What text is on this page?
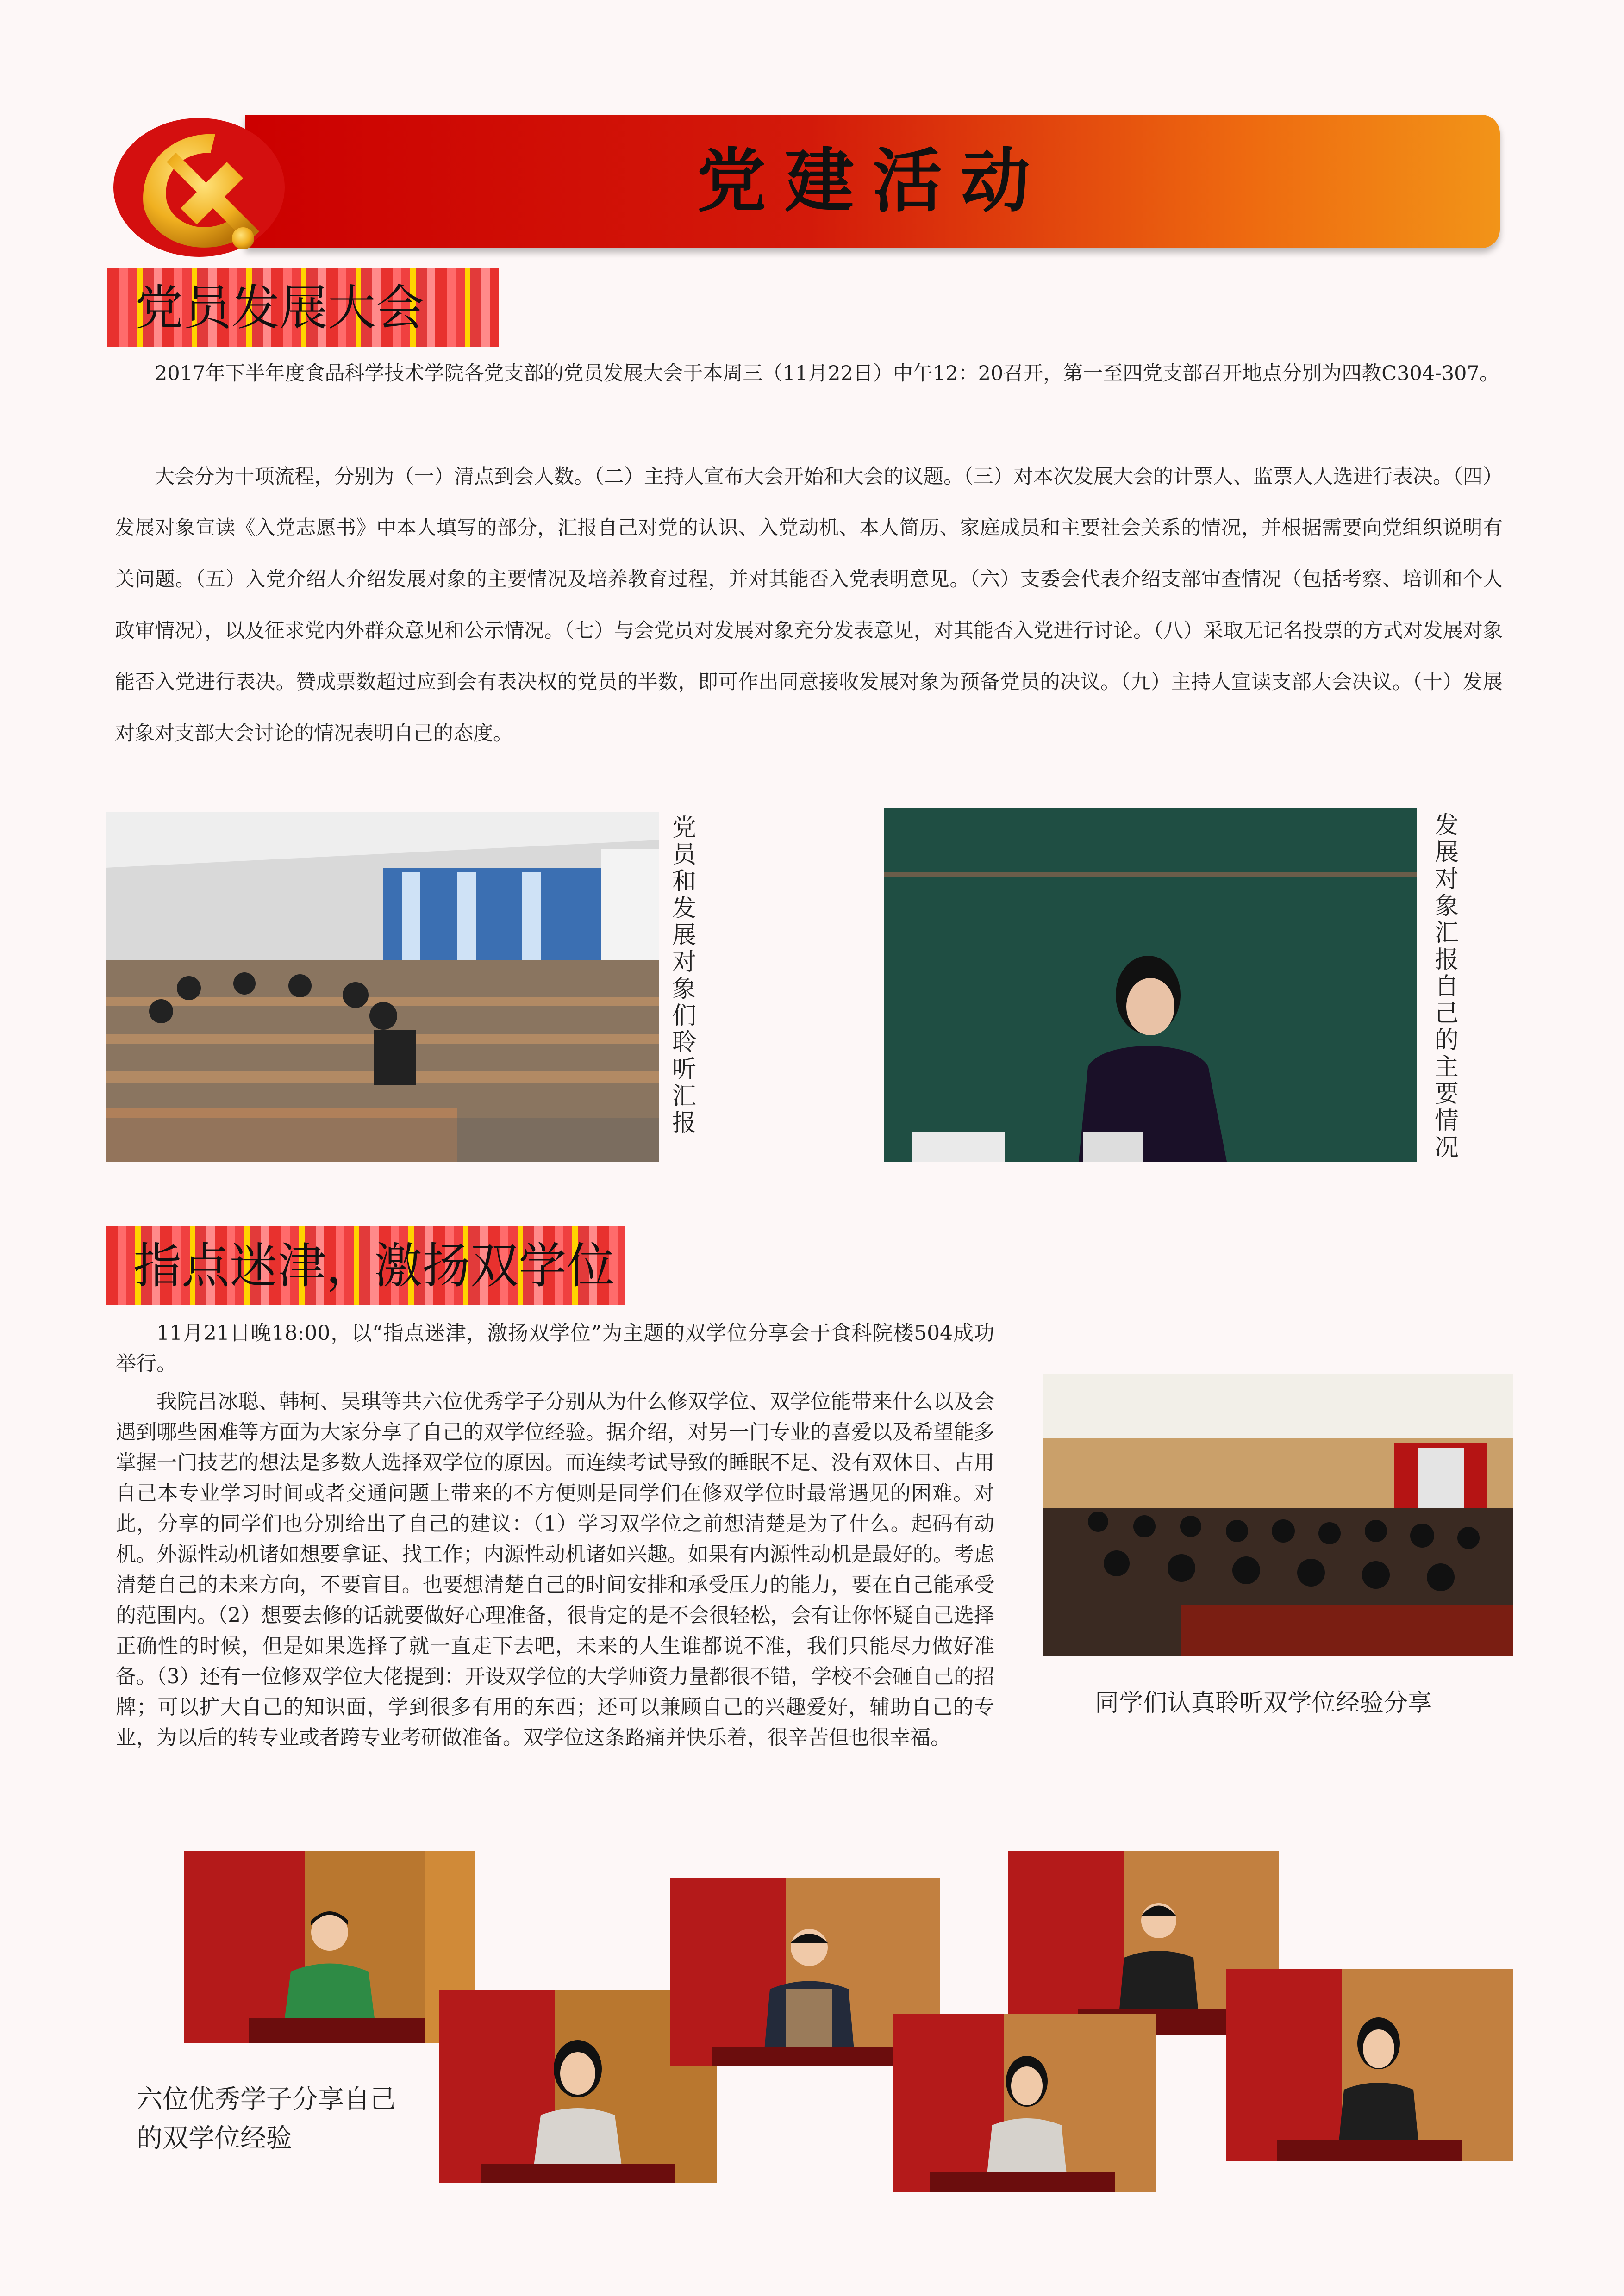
党建活动
党员发展大会

2017年下半年度食品科学技术学院各党支部的党员发展大会于本周三（11月22日）中午12：20召开，第一至四党支部召开地点分别为四教C304-307。

大会分为十项流程，分别为（一）清点到会人数。（二）主持人宣布大会开始和大会的议题。（三）对本次发展大会的计票人、监票人人选进行表决。（四）发展对象宣读《入党志愿书》中本人填写的部分，汇报自己对党的认识、入党动机、本人简历、家庭成员和主要社会关系的情况，并根据需要向党组织说明有关问题。（五）入党介绍人介绍发展对象的主要情况及培养教育过程，并对其能否入党表明意见。（六）支委会代表介绍支部审查情况（包括考察、培训和个人政审情况），以及征求党内外群众意见和公示情况。（七）与会党员对发展对象充分发表意见，对其能否入党进行讨论。（八）采取无记名投票的方式对发展对象能否入党进行表决。赞成票数超过应到会有表决权的党员的半数，即可作出同意接收发展对象为预备党员的决议。（九）主持人宣读支部大会决议。（十）发展对象对支部大会讨论的情况表明自己的态度。

党员和发展对象们聆听汇报
发展对象汇报自己的主要情况
指点迷津，激扬双学位

11月21日晚18:00，以“指点迷津，激扬双学位”为主题的双学位分享会于食科院楼504成功举行。

我院吕冰聪、韩柯、吴琪等共六位优秀学子分别从为什么修双学位、双学位能带来什么以及会遇到哪些困难等方面为大家分享了自己的双学位经验。据介绍，对另一门专业的喜爱以及希望能多掌握一门技艺的想法是多数人选择双学位的原因。而连续考试导致的睡眠不足、没有双休日、占用自己本专业学习时间或者交通问题上带来的不方便则是同学们在修双学位时最常遇见的困难。对此，分享的同学们也分别给出了自己的建议：（1）学习双学位之前想清楚是为了什么。起码有动机。外源性动机诸如想要拿证、找工作；内源性动机诸如兴趣。如果有内源性动机是最好的。考虑清楚自己的未来方向，不要盲目。也要想清楚自己的时间安排和承受压力的能力，要在自己能承受的范围内。（2）想要去修的话就要做好心理准备，很肯定的是不会很轻松，会有让你怀疑自己选择正确性的时候，但是如果选择了就一直走下去吧，未来的人生谁都说不准，我们只能尽力做好准备。（3）还有一位修双学位大佬提到：开设双学位的大学师资力量都很不错，学校不会砸自己的招牌；可以扩大自己的知识面，学到很多有用的东西；还可以兼顾自己的兴趣爱好，辅助自己的专业，为以后的转专业或者跨专业考研做准备。双学位这条路痛并快乐着，很辛苦但也很幸福。

同学们认真聆听双学位经验分享
六位优秀学子分享自己的双学位经验
